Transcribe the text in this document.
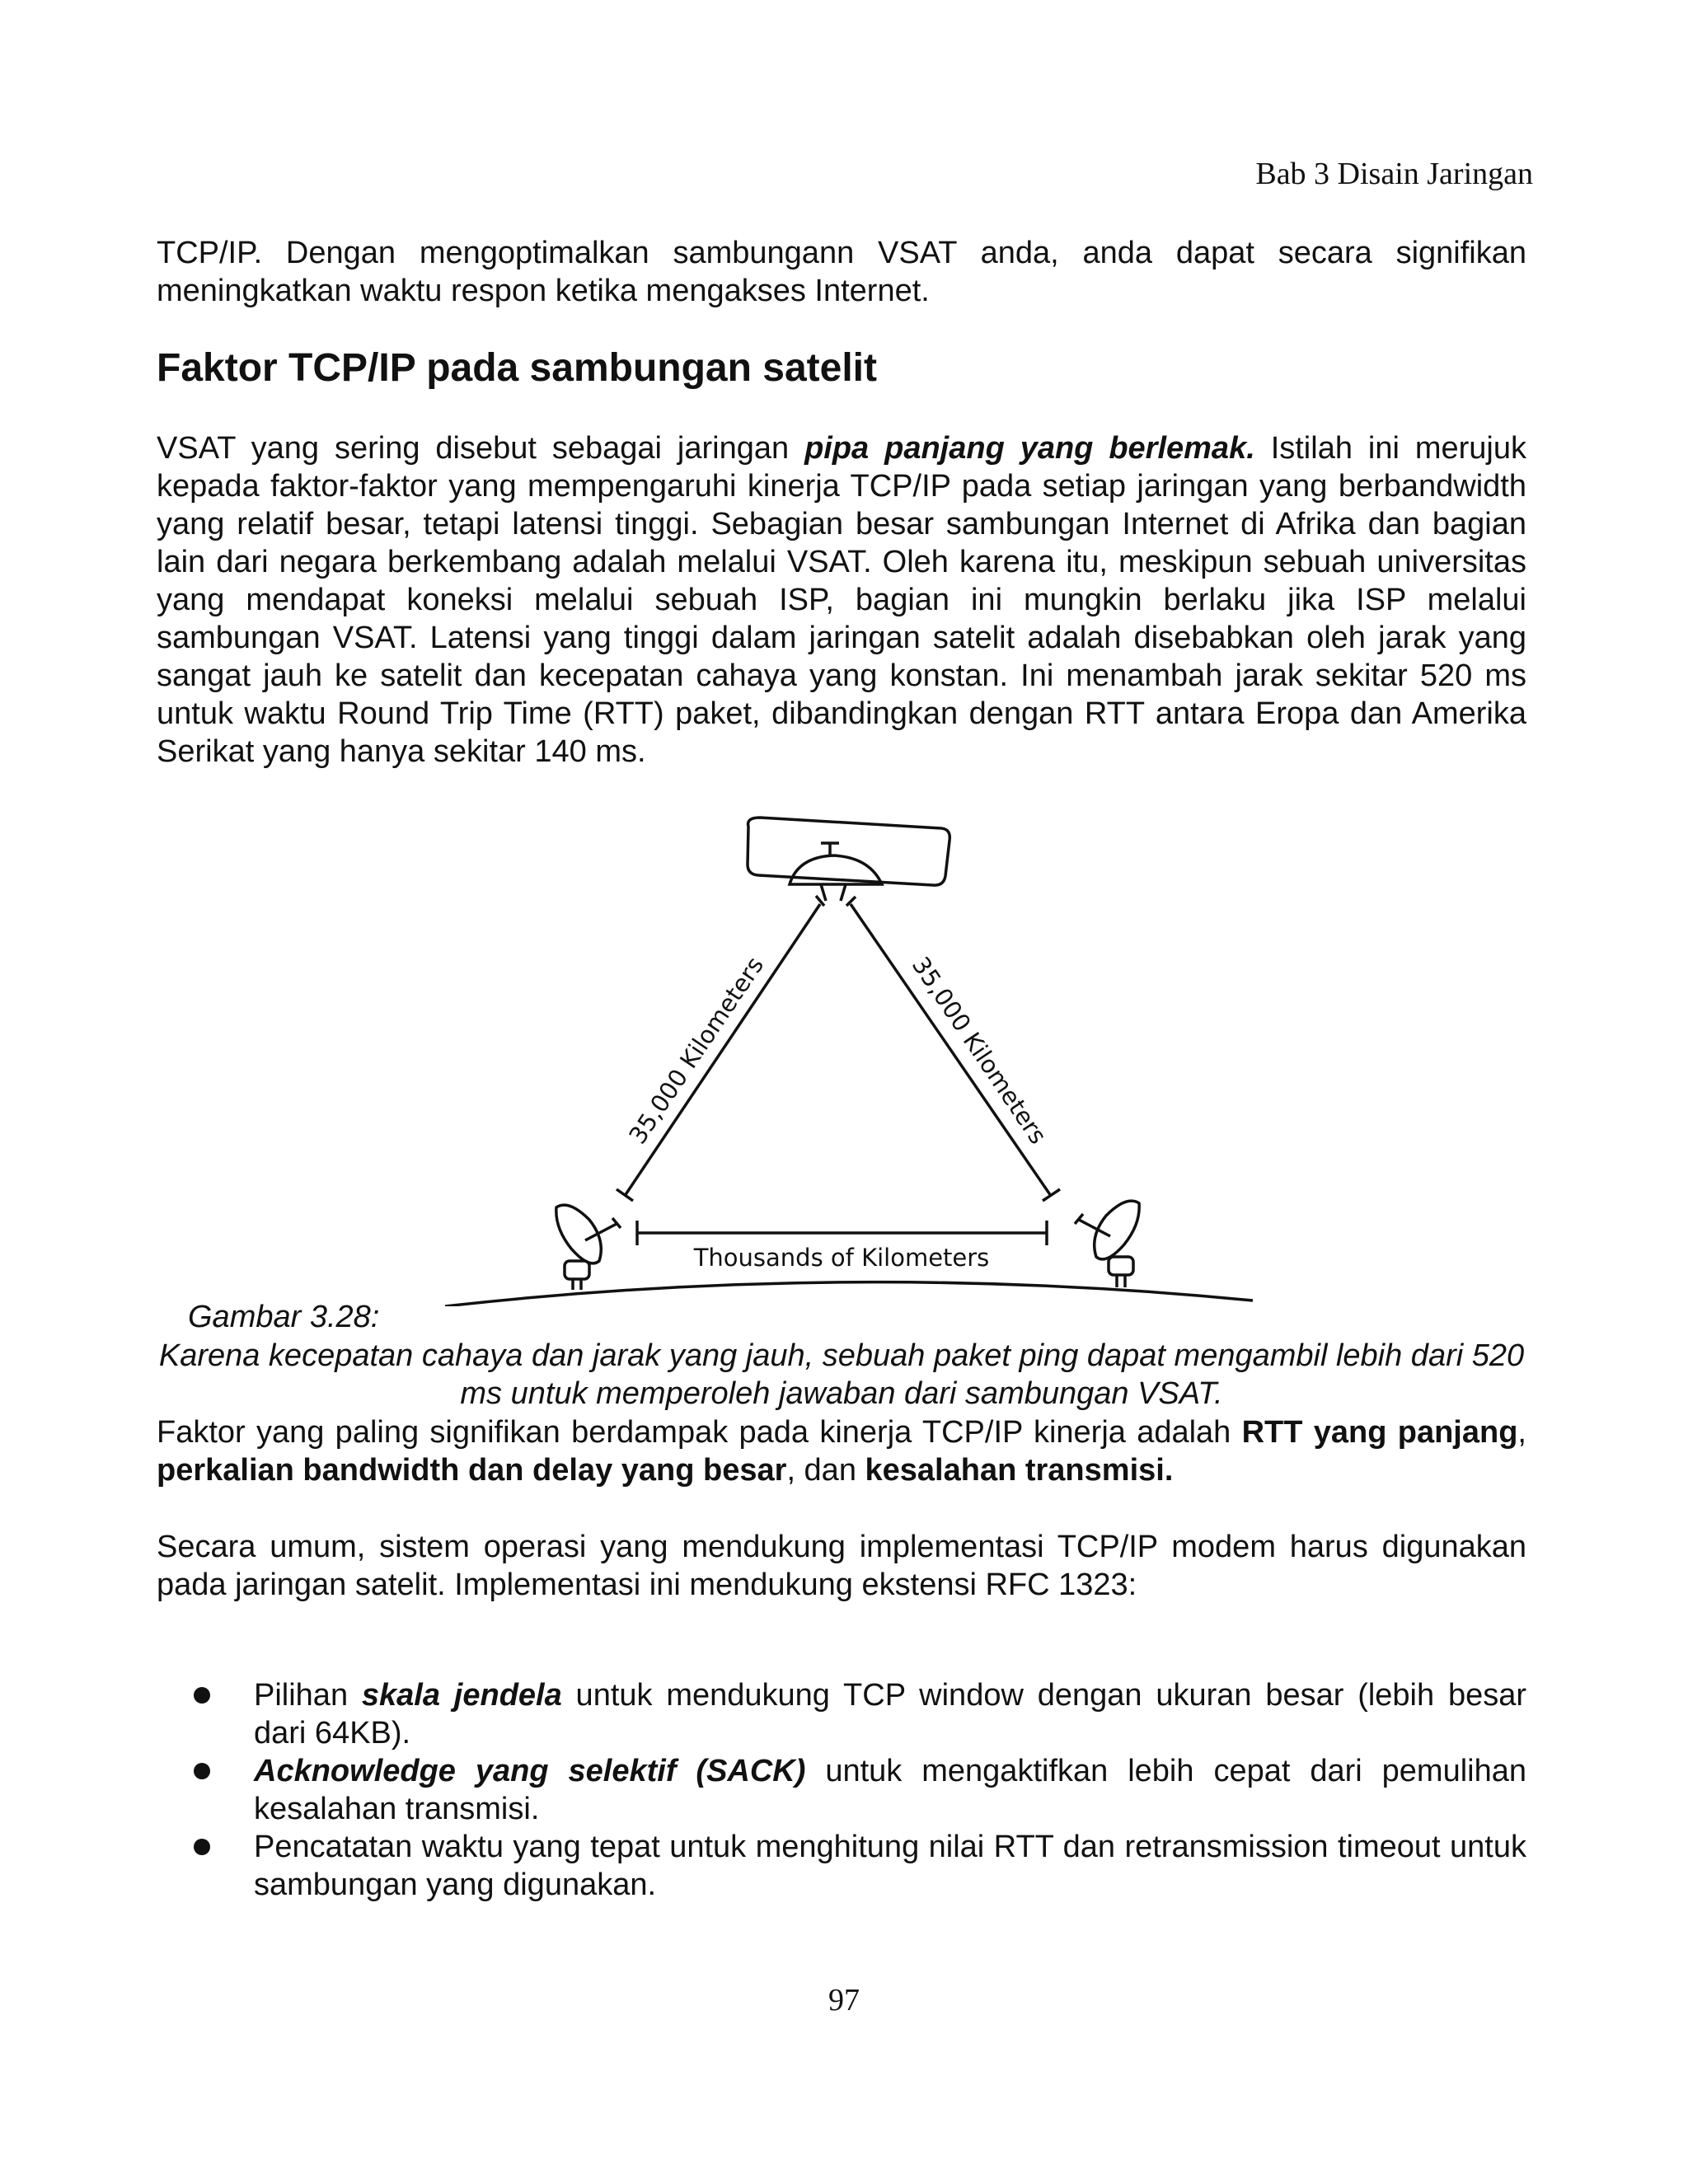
Bab 3 Disain Jaringan

TCP/IP. Dengan mengoptimalkan sambungann VSAT anda, anda dapat secara signifikan meningkatkan waktu respon ketika mengakses Internet.

Faktor TCP/IP pada sambungan satelit

VSAT yang sering disebut sebagai jaringan pipa panjang yang berlemak. Istilah ini merujuk kepada faktor-faktor yang mempengaruhi kinerja TCP/IP pada setiap jaringan yang berbandwidth yang relatif besar, tetapi latensi tinggi. Sebagian besar sambungan Internet di Afrika dan bagian lain dari negara berkembang adalah melalui VSAT. Oleh karena itu, meskipun sebuah universitas yang mendapat koneksi melalui sebuah ISP, bagian ini mungkin berlaku jika ISP melalui sambungan VSAT. Latensi yang tinggi dalam jaringan satelit adalah disebabkan oleh jarak yang sangat jauh ke satelit dan kecepatan cahaya yang konstan. Ini menambah jarak sekitar 520 ms untuk waktu Round Trip Time (RTT) paket, dibandingkan dengan RTT antara Eropa dan Amerika Serikat yang hanya sekitar 140 ms.

35,000 Kilometers	35,000 Kilometers
Thousands of Kilometers
Gambar 3.28:

Karena kecepatan cahaya dan jarak yang jauh, sebuah paket ping dapat mengambil lebih dari 520 ms untuk memperoleh jawaban dari sambungan VSAT.

Faktor yang paling signifikan berdampak pada kinerja TCP/IP kinerja adalah RTT yang panjang, perkalian bandwidth dan delay yang besar, dan kesalahan transmisi.

Secara umum, sistem operasi yang mendukung implementasi TCP/IP modem harus digunakan pada jaringan satelit. Implementasi ini mendukung ekstensi RFC 1323:

Pilihan skala jendela untuk mendukung TCP window dengan ukuran besar (lebih besar dari 64KB).
Acknowledge yang selektif (SACK) untuk mengaktifkan lebih cepat dari pemulihan kesalahan transmisi.
Pencatatan waktu yang tepat untuk menghitung nilai RTT dan retransmission timeout untuk sambungan yang digunakan.
97
